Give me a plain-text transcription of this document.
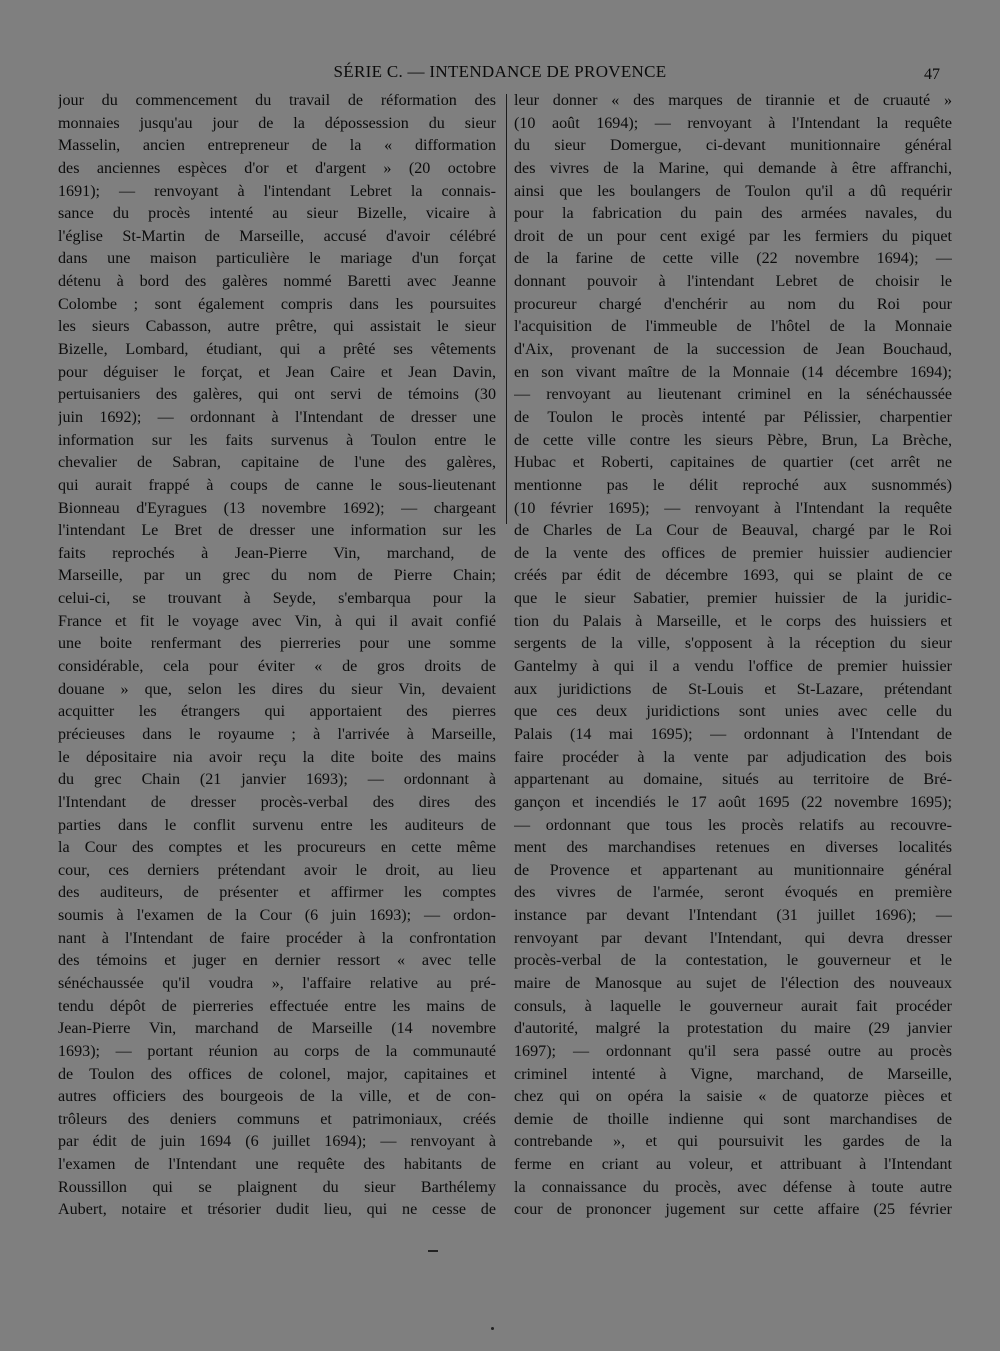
SÉRIE C. — INTENDANCE DE PROVENCE	47
jour du commencement du travail de réformation des
monnaies jusqu'au jour de la dépossession du sieur
Masselin, ancien entrepreneur de la « difformation
des anciennes espèces d'or et d'argent » (20 octobre
1691); — renvoyant à l'intendant Lebret la connais-
sance du procès intenté au sieur Bizelle, vicaire à
l'église St-Martin de Marseille, accusé d'avoir célébré
dans une maison particulière le mariage d'un forçat
détenu à bord des galères nommé Baretti avec Jeanne
Colombe ; sont également compris dans les poursuites
les sieurs Cabasson, autre prêtre, qui assistait le sieur
Bizelle, Lombard, étudiant, qui a prêté ses vêtements
pour déguiser le forçat, et Jean Caire et Jean Davin,
pertuisaniers des galères, qui ont servi de témoins (30
juin 1692); — ordonnant à l'Intendant de dresser une
information sur les faits survenus à Toulon entre le
chevalier de Sabran, capitaine de l'une des galères,
qui aurait frappé à coups de canne le sous-lieutenant
Bionneau d'Eyragues (13 novembre 1692); — chargeant
l'intendant Le Bret de dresser une information sur les
faits reprochés à Jean-Pierre Vin, marchand, de
Marseille, par un grec du nom de Pierre Chain;
celui-ci, se trouvant à Seyde, s'embarqua pour la
France et fit le voyage avec Vin, à qui il avait confié
une boite renfermant des pierreries pour une somme
considérable, cela pour éviter « de gros droits de
douane » que, selon les dires du sieur Vin, devaient
acquitter les étrangers qui apportaient des pierres
précieuses dans le royaume ; à l'arrivée à Marseille,
le dépositaire nia avoir reçu la dite boite des mains
du grec Chain (21 janvier 1693); — ordonnant à
l'Intendant de dresser procès-verbal des dires des
parties dans le conflit survenu entre les auditeurs de
la Cour des comptes et les procureurs en cette même
cour, ces derniers prétendant avoir le droit, au lieu
des auditeurs, de présenter et affirmer les comptes
soumis à l'examen de la Cour (6 juin 1693); — ordon-
nant à l'Intendant de faire procéder à la confrontation
des témoins et juger en dernier ressort « avec telle
sénéchaussée qu'il voudra », l'affaire relative au pré-
tendu dépôt de pierreries effectuée entre les mains de
Jean-Pierre Vin, marchand de Marseille (14 novembre
1693); — portant réunion au corps de la communauté
de Toulon des offices de colonel, major, capitaines et
autres officiers des bourgeois de la ville, et de con-
trôleurs des deniers communs et patrimoniaux, créés
par édit de juin 1694 (6 juillet 1694); — renvoyant à
l'examen de l'Intendant une requête des habitants de
Roussillon qui se plaignent du sieur Barthélemy
Aubert, notaire et trésorier dudit lieu, qui ne cesse de
leur donner « des marques de tirannie et de cruauté »
(10 août 1694); — renvoyant à l'Intendant la requête
du sieur Domergue, ci-devant munitionnaire général
des vivres de la Marine, qui demande à être affranchi,
ainsi que les boulangers de Toulon qu'il a dû requérir
pour la fabrication du pain des armées navales, du
droit de un pour cent exigé par les fermiers du piquet
de la farine de cette ville (22 novembre 1694); —
donnant pouvoir à l'intendant Lebret de choisir le
procureur chargé d'enchérir au nom du Roi pour
l'acquisition de l'immeuble de l'hôtel de la Monnaie
d'Aix, provenant de la succession de Jean Bouchaud,
en son vivant maître de la Monnaie (14 décembre 1694);
— renvoyant au lieutenant criminel en la sénéchaussée
de Toulon le procès intenté par Pélissier, charpentier
de cette ville contre les sieurs Pèbre, Brun, La Brèche,
Hubac et Roberti, capitaines de quartier (cet arrêt ne
mentionne pas le délit reproché aux susnommés)
(10 février 1695); — renvoyant à l'Intendant la requête
de Charles de La Cour de Beauval, chargé par le Roi
de la vente des offices de premier huissier audiencier
créés par édit de décembre 1693, qui se plaint de ce
que le sieur Sabatier, premier huissier de la juridic-
tion du Palais à Marseille, et le corps des huissiers et
sergents de la ville, s'opposent à la réception du sieur
Gantelmy à qui il a vendu l'office de premier huissier
aux juridictions de St-Louis et St-Lazare, prétendant
que ces deux juridictions sont unies avec celle du
Palais (14 mai 1695); — ordonnant à l'Intendant de
faire procéder à la vente par adjudication des bois
appartenant au domaine, situés au territoire de Bré-
gançon et incendiés le 17 août 1695 (22 novembre 1695);
— ordonnant que tous les procès relatifs au recouvre-
ment des marchandises retenues en diverses localités
de Provence et appartenant au munitionnaire général
des vivres de l'armée, seront évoqués en première
instance par devant l'Intendant (31 juillet 1696); —
renvoyant par devant l'Intendant, qui devra dresser
procès-verbal de la contestation, le gouverneur et le
maire de Manosque au sujet de l'élection des nouveaux
consuls, à laquelle le gouverneur aurait fait procéder
d'autorité, malgré la protestation du maire (29 janvier
1697); — ordonnant qu'il sera passé outre au procès
criminel intenté à Vigne, marchand, de Marseille,
chez qui on opéra la saisie « de quatorze pièces et
demie de thoille indienne qui sont marchandises de
contrebande », et qui poursuivit les gardes de la
ferme en criant au voleur, et attribuant à l'Intendant
la connaissance du procès, avec défense à toute autre
cour de prononcer jugement sur cette affaire (25 février
